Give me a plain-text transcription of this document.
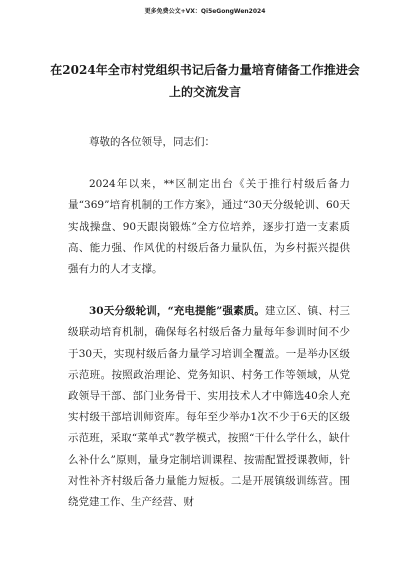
更多免费公文+VX：Qi5eGongWen2024
在2024年全市村党组织书记后备力量培育储备工作推进会
上的交流发言

尊敬的各位领导，同志们：

2024年以来，**区制定出台《关于推行村级后备力量“369”培育机制的工作方案》，通过“30天分级轮训、60天实战操盘、90天跟岗锻炼”全方位培养，逐步打造一支素质高、能力强、作风优的村级后备力量队伍，为乡村振兴提供强有力的人才支撑。

30天分级轮训，“充电提能”强素质。建立区、镇、村三级联动培育机制，确保每名村级后备力量每年参训时间不少于30天，实现村级后备力量学习培训全覆盖。一是举办区级示范班。按照政治理论、党务知识、村务工作等领域，从党政领导干部、部门业务骨干、实用技术人才中筛选40余人充实村级干部培训师资库。每年至少举办1次不少于6天的区级示范班，采取“菜单式”教学模式，按照“干什么学什么，缺什么补什么”原则，量身定制培训课程、按需配置授课教师，针对性补齐村级后备力量能力短板。二是开展镇级训练营。围绕党建工作、生产经营、财
